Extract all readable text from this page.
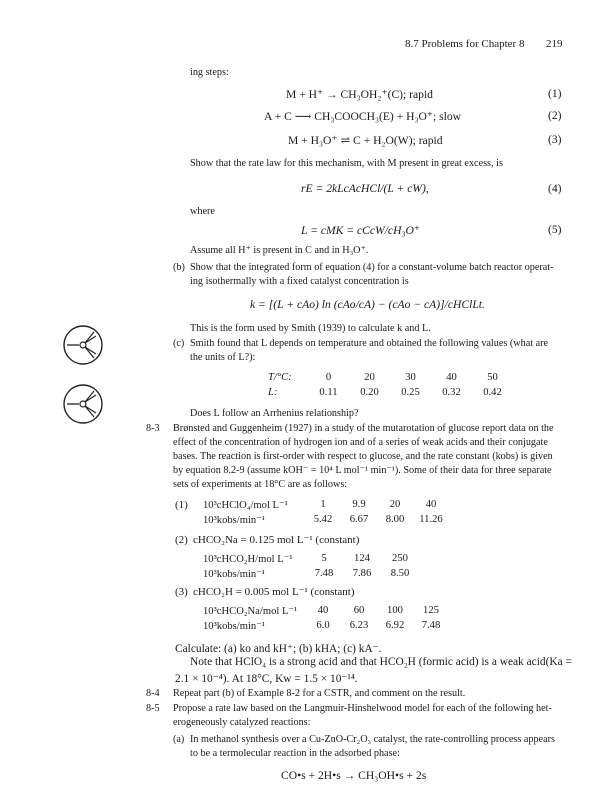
8.7 Problems for Chapter 8 219
ing steps:
M + H⁺ → CH₃OH₂⁺(C); rapid	(1)
A + C ⟶ CH₃COOCH₃(E) + H₃O⁺; slow	(2)
M + H₃O⁺ ⇌ C + H₂O(W); rapid	(3)
Show that the rate law for this mechanism, with M present in great excess, is
rE = 2kLcAcHCl/(L + cW),	(4)
where
L = cMK = cCcW/cH₃O⁺	(5)
Assume all H⁺ is present in C and in H₃O⁺.
(b) Show that the integrated form of equation (4) for a constant-volume batch reactor operat-
ing isothermally with a fixed catalyst concentration is
k = [(L + cAo) ln (cAo/cA) − (cAo − cA)]/cHClLt.
This is the form used by Smith (1939) to calculate k and L.
(c) Smith found that L depends on temperature and obtained the following values (what are
the units of L?):
T/°C:	0	20	30	40	50
L:	0.11	0.20	0.25	0.32	0.42
Does L follow an Arrhenius relationship?
8-3 Brønsted and Guggenheim (1927) in a study of the mutarotation of glucose report data on the
effect of the concentration of hydrogen ion and of a series of weak acids and their conjugate
bases. The reaction is first-order with respect to glucose, and the rate constant (kobs) is given
by equation 8.2-9 (assume kOH⁻ = 10⁴ L mol⁻¹ min⁻¹). Some of their data for three separate
sets of experiments at 18°C are as follows:
(1) 10³cHClO₄/mol L⁻¹	1	9.9	20	40
10³kobs/min⁻¹	5.42	6.67	8.00	11.26
(2) cHCO₂Na = 0.125 mol L⁻¹ (constant)
10³cHCO₂H/mol L⁻¹	5	124	250
10³kobs/min⁻¹	7.48	7.86	8.50
(3) cHCO₂H = 0.005 mol L⁻¹ (constant)
10³cHCO₂Na/mol L⁻¹	40	60	100	125
10³kobs/min⁻¹	6.0	6.23	6.92	7.48
Calculate: (a) ko and kH⁺; (b) kHA; (c) kA⁻.
Note that HClO₄ is a strong acid and that HCO₂H (formic acid) is a weak acid(Ka =
2.1 × 10⁻⁴). At 18°C, Kw = 1.5 × 10⁻¹⁴.
8-4 Repeat part (b) of Example 8-2 for a CSTR, and comment on the result.
8-5 Propose a rate law based on the Langmuir-Hinshelwood model for each of the following het-
erogeneously catalyzed reactions:
(a) In methanol synthesis over a Cu-ZnO-Cr₂O₃ catalyst, the rate-controlling process appears
to be a termolecular reaction in the adsorbed phase:
CO•s + 2H•s → CH₃OH•s + 2s
